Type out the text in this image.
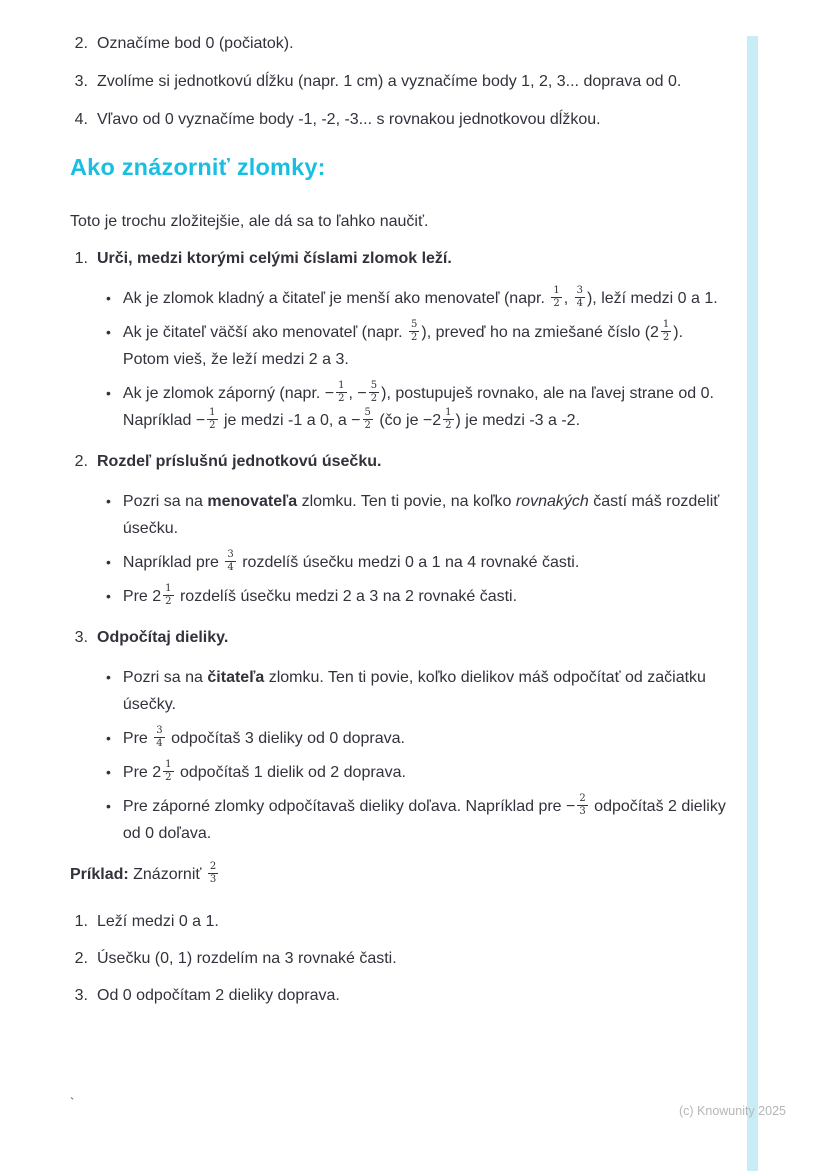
2. Označíme bod 0 (počiatok).
3. Zvolíme si jednotkovú dĺžku (napr. 1 cm) a vyznačíme body 1, 2, 3... doprava od 0.
4. Vľavo od 0 vyznačíme body -1, -2, -3... s rovnakou jednotkovou dĺžkou.
Ako znázorniť zlomky:

Toto je trochu zložitejšie, ale dá sa to ľahko naučiť.

1. Urči, medzi ktorými celými číslami zlomok leží.
• Ak je zlomok kladný a čitateľ je menší ako menovateľ (napr. $\frac{1}{2}$ , $\frac{3}{4}$ ), leží medzi 0 a 1.
• Ak je čitateľ väčší ako menovateľ (napr. $\frac{5}{2}$ ), preveď ho na zmiešané číslo ($2 \frac{1}{2}$ ). Potom vieš, že leží medzi 2 a 3.
• Ak je zlomok záporný (napr. − $\frac{1}{2}$ , − $\frac{5}{2}$ ), postupuješ rovnako, ale na ľavej strane od 0. Napríklad − $\frac{1}{2}$ je medzi -1 a 0, $a - \frac{5}{2}$ (čo je $-2 \frac{1}{2}$ ) je medzi -3 a -2.
2. Rozdeľ príslušnú jednotkovú úsečku.
• Pozri sa na menovateľa zlomku. Ten ti povie, na koľko rovnakých častí máš rozdeliť úsečku.
• Napríklad pre $\frac{3}{4}$ rozdelíš úsečku medzi 0 a 1 na 4 rovnaké časti.
• Pre $2 \frac{1}{2}$ rozdelíš úsečku medzi 2 a 3 na 2 rovnaké časti.
3. Odpočítaj dieliky.
• Pozri sa na čitateľa zlomku. Ten ti povie, koľko dielikov máš odpočítať od začiatku úsečky.
• Pre $\frac{3}{4}$ odpočítaš 3 dieliky od 0 doprava.
• Pre $2 \frac{1}{2}$ odpočítaš 1 dielik od 2 doprava.
• Pre záporné zlomky odpočítavaš dieliky doľava. Napríklad pre − $\frac{2}{3}$ odpočítaš 2 dieliky od 0 doľava.

Príklad: Znázorniť $\frac{2}{3}$

1. Leží medzi 0 a 1.
2. Úsečku (0, 1) rozdelím na 3 rovnaké časti.
3. Od 0 odpočítam 2 dieliky doprava.
`
(c) Knowunity 2025
